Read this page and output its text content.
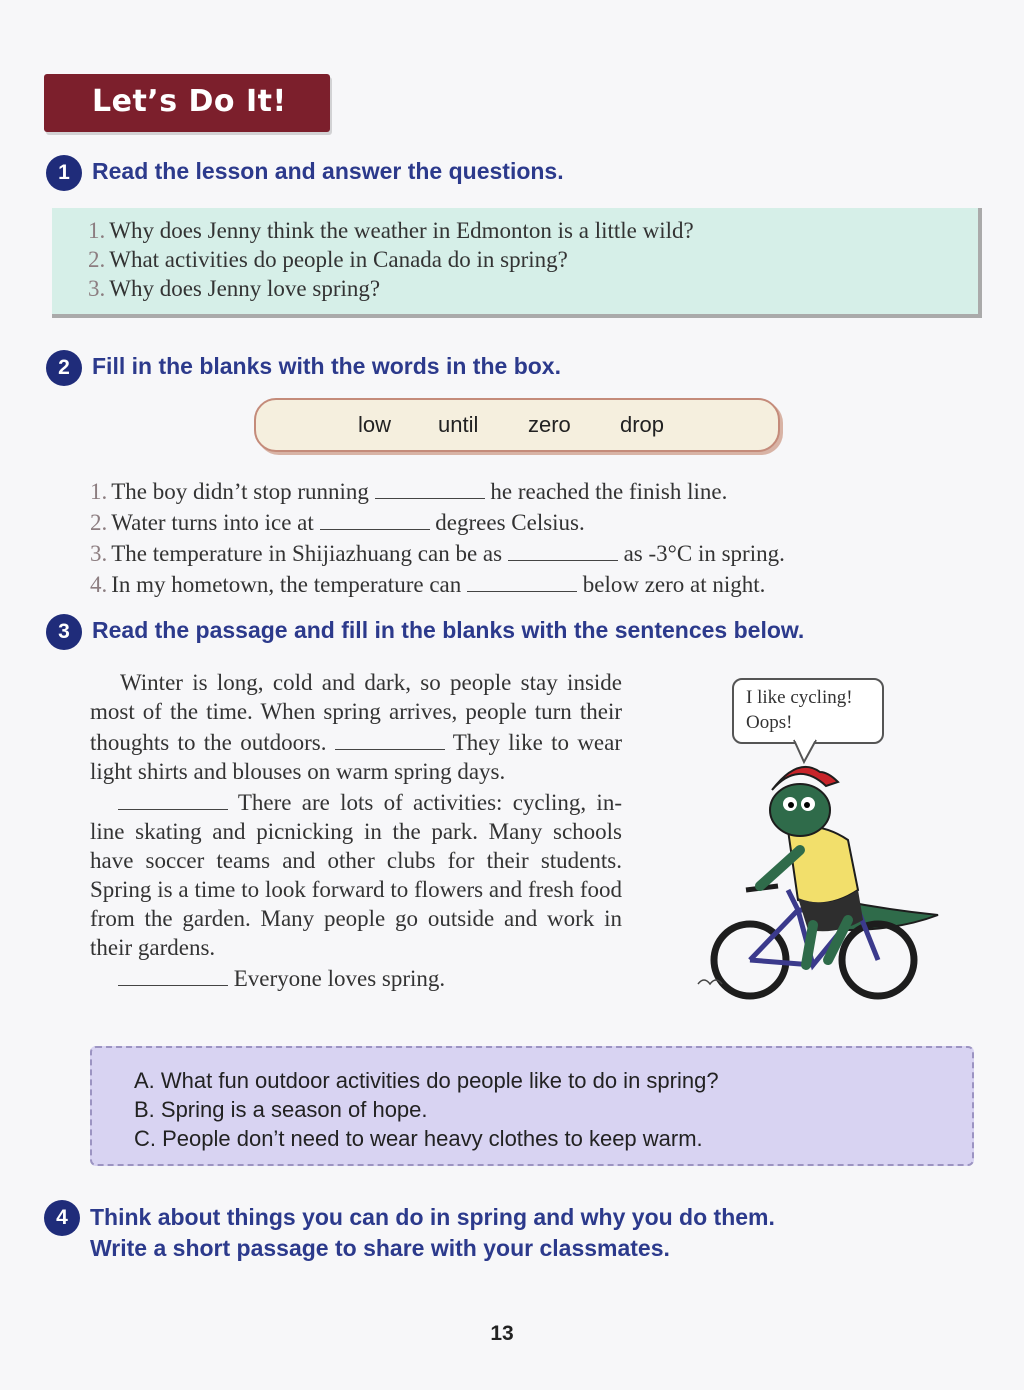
Let’s Do It!
1 Read the lesson and answer the questions.
1. Why does Jenny think the weather in Edmonton is a little wild?
2. What activities do people in Canada do in spring?
3. Why does Jenny love spring?
2 Fill in the blanks with the words in the box.
low until zero drop
1. The boy didn’t stop running	he reached the finish line.
2. Water turns into ice at	degrees Celsius.
3. The temperature in Shijiazhuang can be as	as -3°C in spring.
4. In my hometown, the temperature can	below zero at night.
3 Read the passage and fill in the blanks with the sentences below.

Winter is long, cold and dark, so people stay inside most of the time. When spring arrives, people turn their thoughts to the outdoors.	They like to wear light shirts and blouses on warm spring days.

There are lots of activities: cycling, in-line skating and picnicking in the park. Many schools have soccer teams and other clubs for their students. Spring is a time to look forward to flowers and fresh food from the garden. Many people go outside and work in their gardens.

Everyone loves spring.

I like cycling!
Oops!
A. What fun outdoor activities do people like to do in spring?
B. Spring is a season of hope.
C. People don’t need to wear heavy clothes to keep warm.
4 Think about things you can do in spring and why you do them.
Write a short passage to share with your classmates.
13
